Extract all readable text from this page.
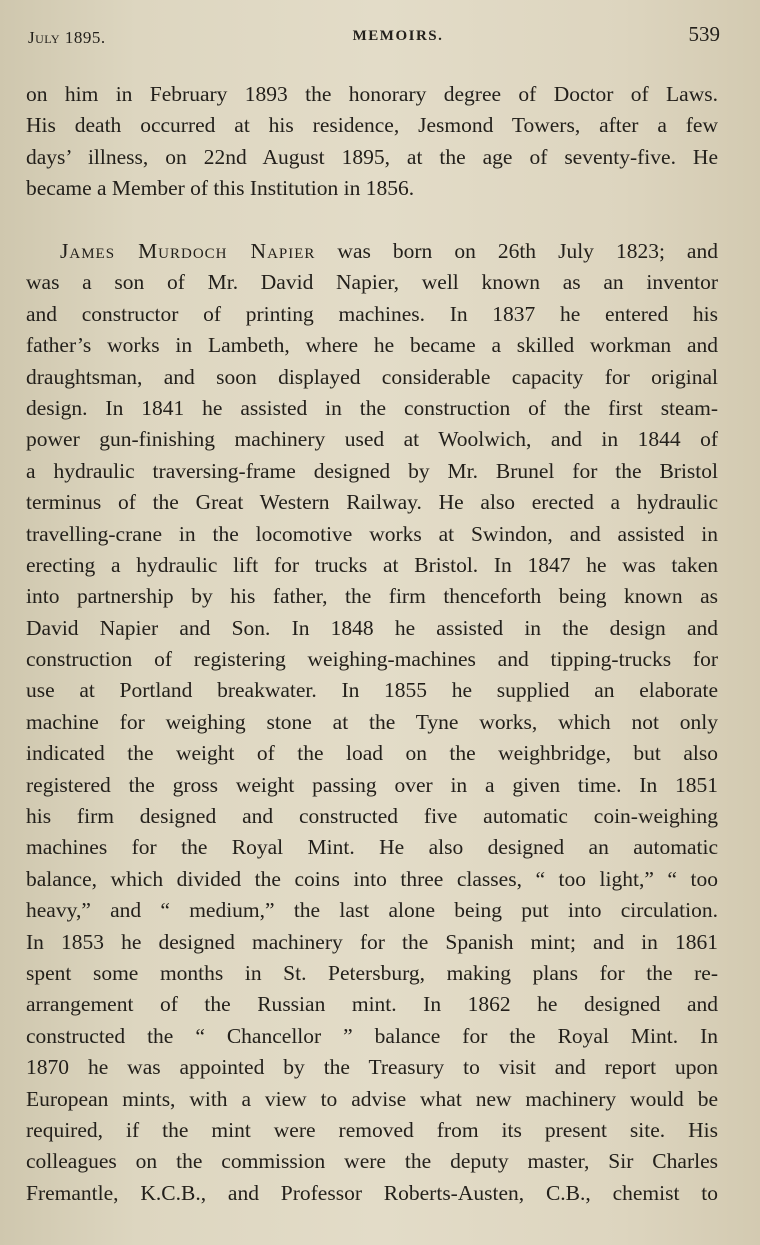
July 1895.	MEMOIRS.	539
on him in February 1893 the honorary degree of Doctor of Laws.
His death occurred at his residence, Jesmond Towers, after a few
days’ illness, on 22nd August 1895, at the age of seventy-five. He
became a Member of this Institution in 1856.
James Murdoch Napier was born on 26th July 1823; and
was a son of Mr. David Napier, well known as an inventor
and constructor of printing machines. In 1837 he entered his
father’s works in Lambeth, where he became a skilled workman and
draughtsman, and soon displayed considerable capacity for original
design. In 1841 he assisted in the construction of the first steam-
power gun-finishing machinery used at Woolwich, and in 1844 of
a hydraulic traversing-frame designed by Mr. Brunel for the Bristol
terminus of the Great Western Railway. He also erected a hydraulic
travelling-crane in the locomotive works at Swindon, and assisted in
erecting a hydraulic lift for trucks at Bristol. In 1847 he was taken
into partnership by his father, the firm thenceforth being known as
David Napier and Son. In 1848 he assisted in the design and
construction of registering weighing-machines and tipping-trucks for
use at Portland breakwater. In 1855 he supplied an elaborate
machine for weighing stone at the Tyne works, which not only
indicated the weight of the load on the weighbridge, but also
registered the gross weight passing over in a given time. In 1851
his firm designed and constructed five automatic coin-weighing
machines for the Royal Mint. He also designed an automatic
balance, which divided the coins into three classes, “ too light,” “ too
heavy,” and “ medium,” the last alone being put into circulation.
In 1853 he designed machinery for the Spanish mint; and in 1861
spent some months in St. Petersburg, making plans for the re-
arrangement of the Russian mint. In 1862 he designed and
constructed the “ Chancellor ” balance for the Royal Mint. In
1870 he was appointed by the Treasury to visit and report upon
European mints, with a view to advise what new machinery would be
required, if the mint were removed from its present site. His
colleagues on the commission were the deputy master, Sir Charles
Fremantle, K.C.B., and Professor Roberts-Austen, C.B., chemist to
